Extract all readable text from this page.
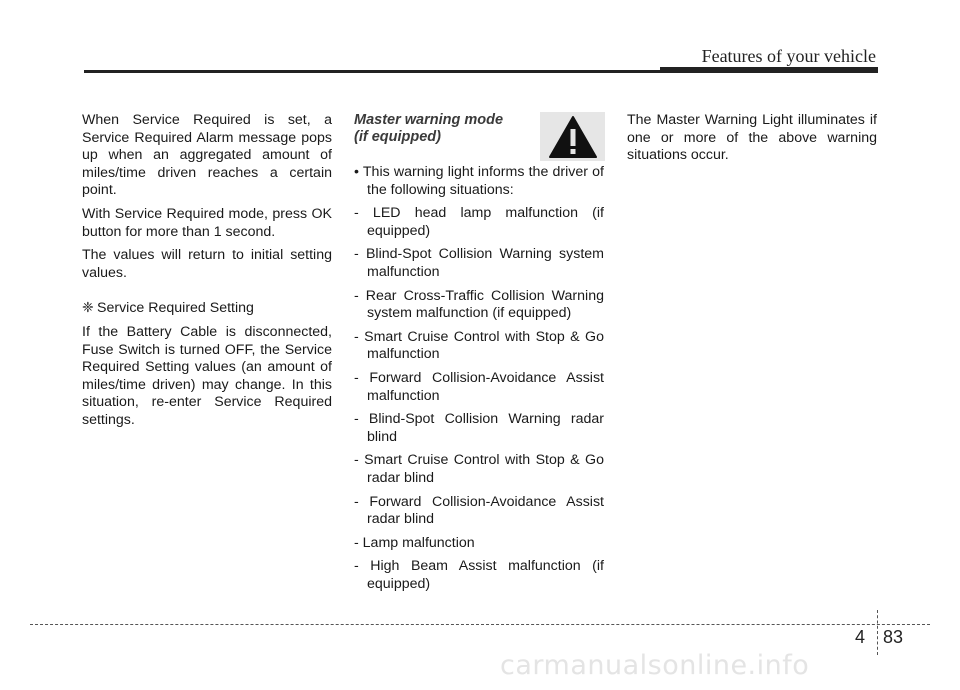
Features of your vehicle

When Service Required is set, a Service Required Alarm message pops up when an aggregated amount of miles/time driven reaches a certain point.

With Service Required mode, press OK button for more than 1 second.

The values will return to initial setting values.

❈ Service Required Setting

If the Battery Cable is disconnected, Fuse Switch is turned OFF, the Service Required Setting values (an amount of miles/time driven) may change. In this situation, re-enter Service Required settings.

Master warning mode
(if equipped)

• This warning light informs the driver of the following situations:

- LED head lamp malfunction (if equipped)

- Blind-Spot Collision Warning system malfunction

- Rear Cross-Traffic Collision Warning system malfunction (if equipped)

- Smart Cruise Control with Stop & Go malfunction

- Forward Collision-Avoidance Assist malfunction

- Blind-Spot Collision Warning radar blind

- Smart Cruise Control with Stop & Go radar blind

- Forward Collision-Avoidance Assist radar blind

- Lamp malfunction

- High Beam Assist malfunction (if equipped)

The Master Warning Light illuminates if one or more of the above warning situations occur.

4 83
carmanualsonline.info
